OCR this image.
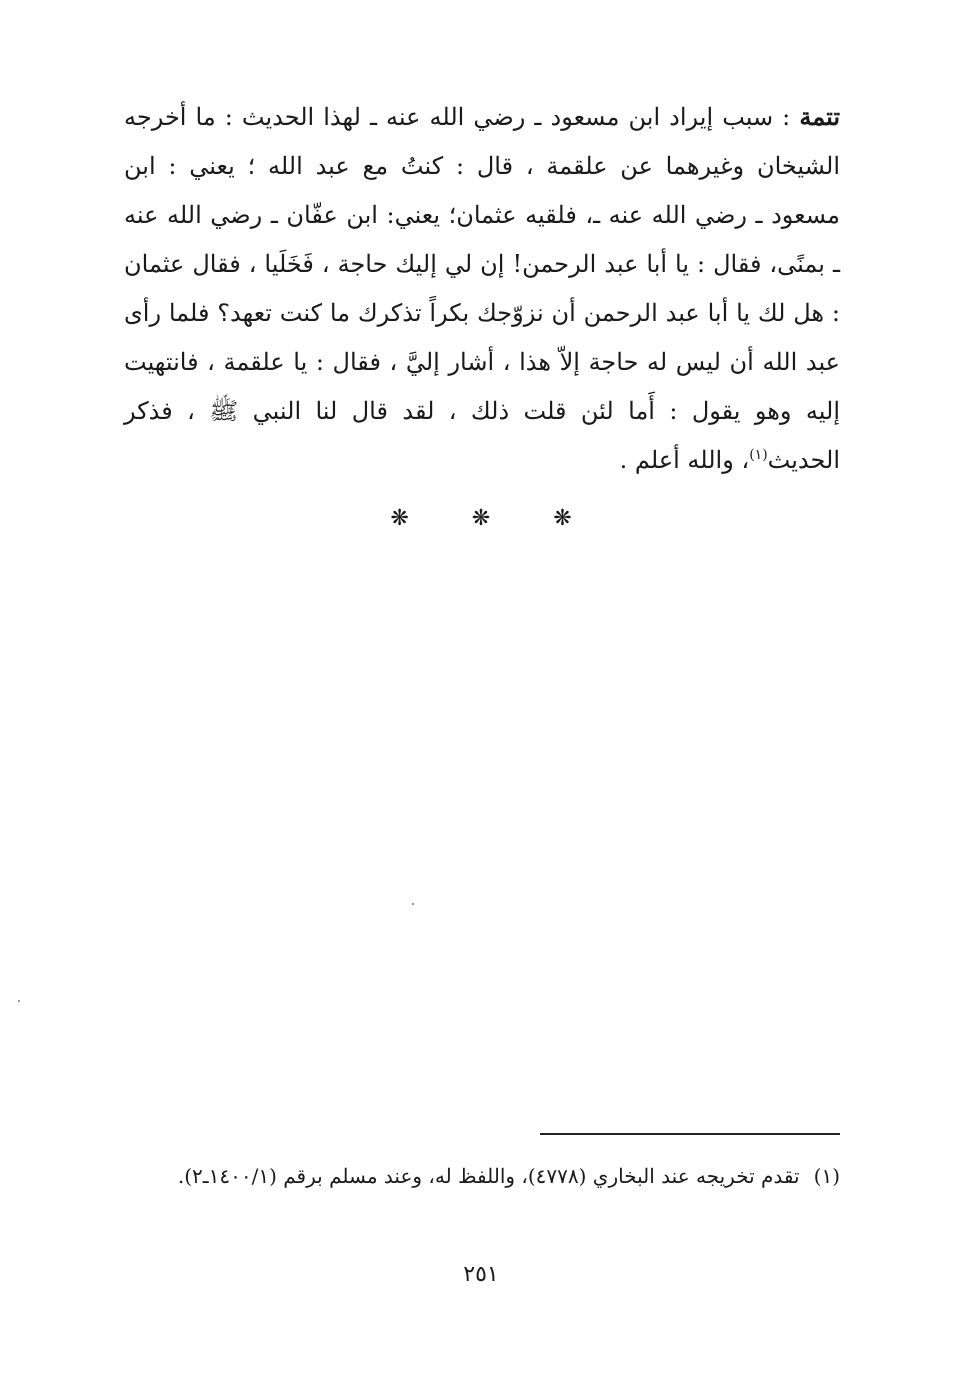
تتمة : سبب إيراد ابن مسعود ـ رضي الله عنه ـ لهذا الحديث : ما أخرجه الشيخان وغيرهما عن علقمة ، قال : كنتُ مع عبد الله ؛ يعني : ابن مسعود ـ رضي الله عنه ـ، فلقيه عثمان؛ يعني: ابن عفّان ـ رضي الله عنه ـ بمنًى، فقال : يا أبا عبد الرحمن! إن لي إليك حاجة ، فَخَلَيا ، فقال عثمان : هل لك يا أبا عبد الرحمن أن نزوّجك بكراً تذكرك ما كنت تعهد؟ فلما رأى عبد الله أن ليس له حاجة إلاّ هذا ، أشار إليَّ ، فقال : يا علقمة ، فانتهيت إليه وهو يقول : أَما لئن قلت ذلك ، لقد قال لنا النبي ﷺ ، فذكر الحديث$^{(١)}$، والله أعلم .
❋ ❋ ❋
(١)تقدم تخريجه عند البخاري (٤٧٧٨)، واللفظ له، وعند مسلم برقم (١٤٠٠/١ـ٢).
٢٥١
